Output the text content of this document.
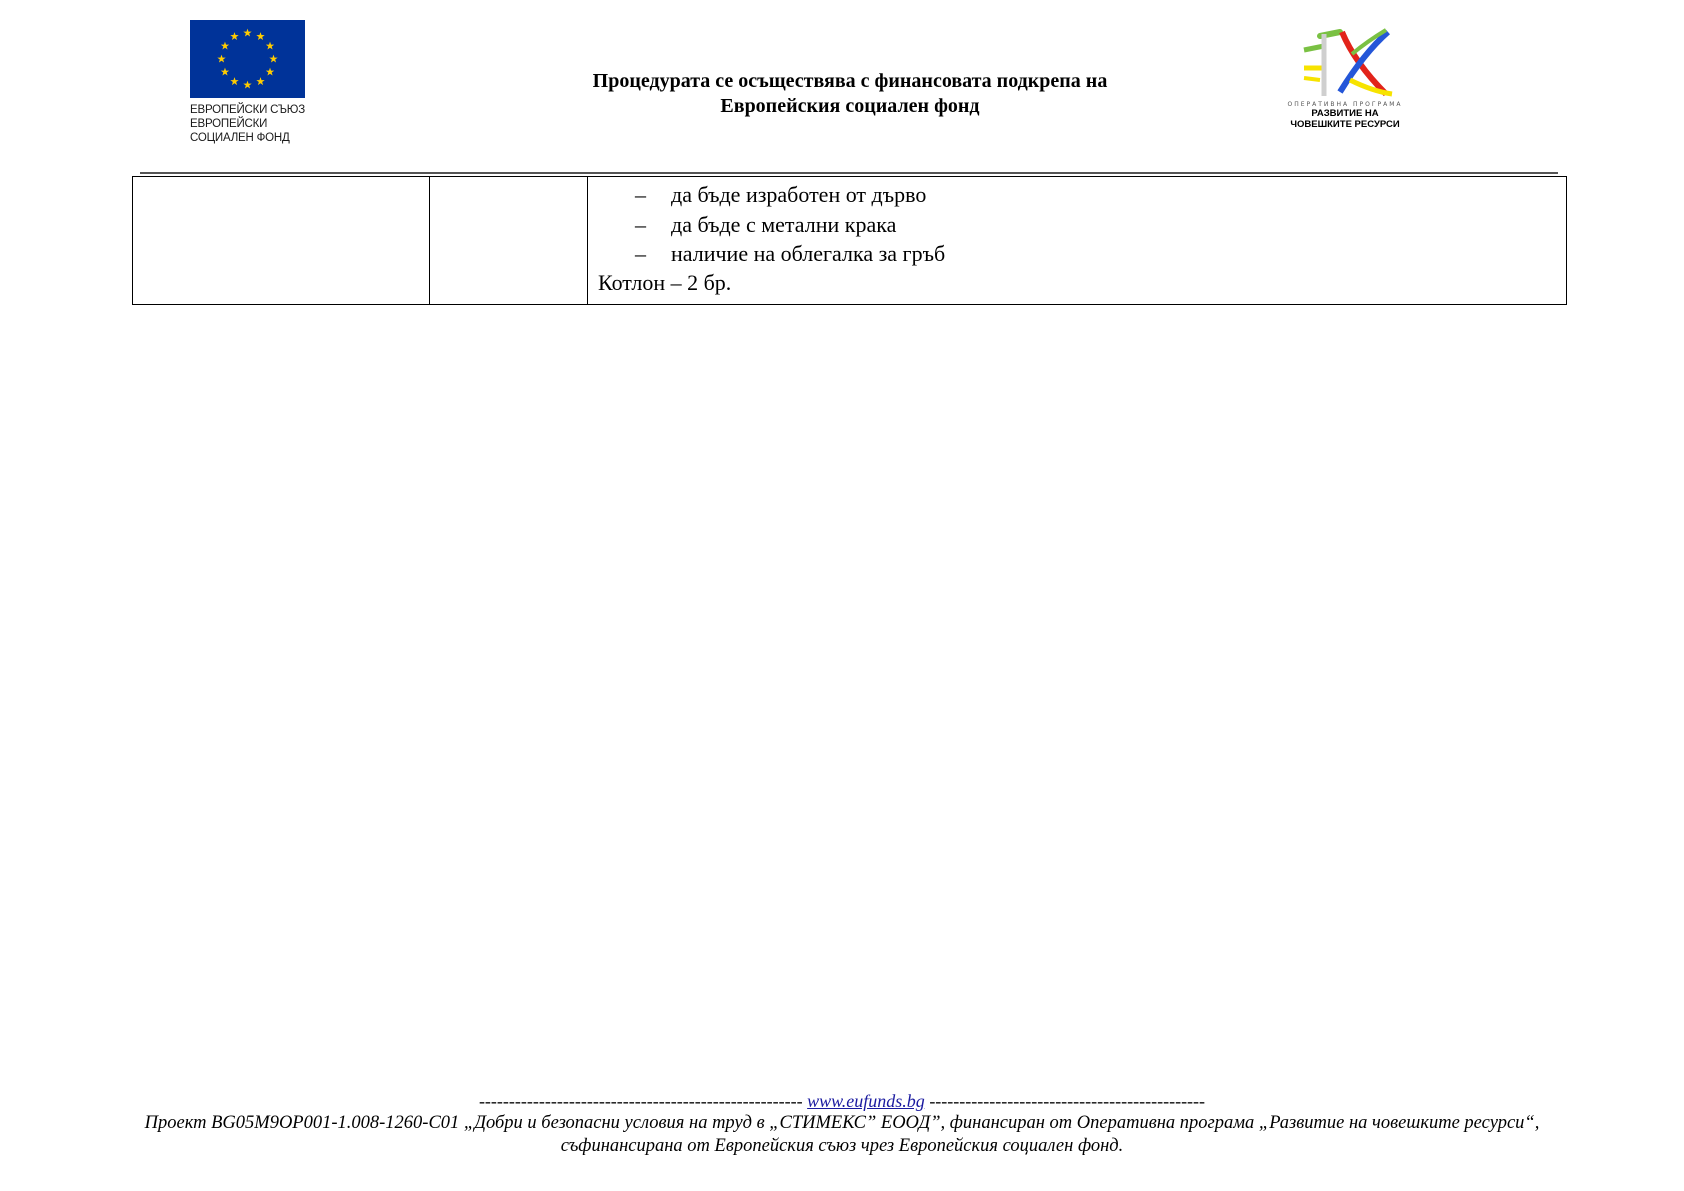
ЕВРОПЕЙСКИ СЪЮЗ
ЕВРОПЕЙСКИ
СОЦИАЛЕН ФОНД
Процедурата се осъществява с финансовата подкрепа на
Европейския социален фонд	ОПЕРАТИВНА ПРОГРАМА
РАЗВИТИЕ НА
ЧОВЕШКИТЕ РЕСУРСИ

–	да бъде изработен от дърво
–	да бъде с метални крака
–	наличие на облегалка за гръб
Котлон – 2 бр.
------------------------------------------------------ www.eufunds.bg ----------------------------------------------
Проект BG05M9OP001-1.008-1260-C01 „Добри и безопасни условия на труд в „СТИМЕКС” ЕООД”, финансиран от Оперативна програма „Развитие на човешките ресурси“, съфинансирана от Европейския съюз чрез Европейския социален фонд.
